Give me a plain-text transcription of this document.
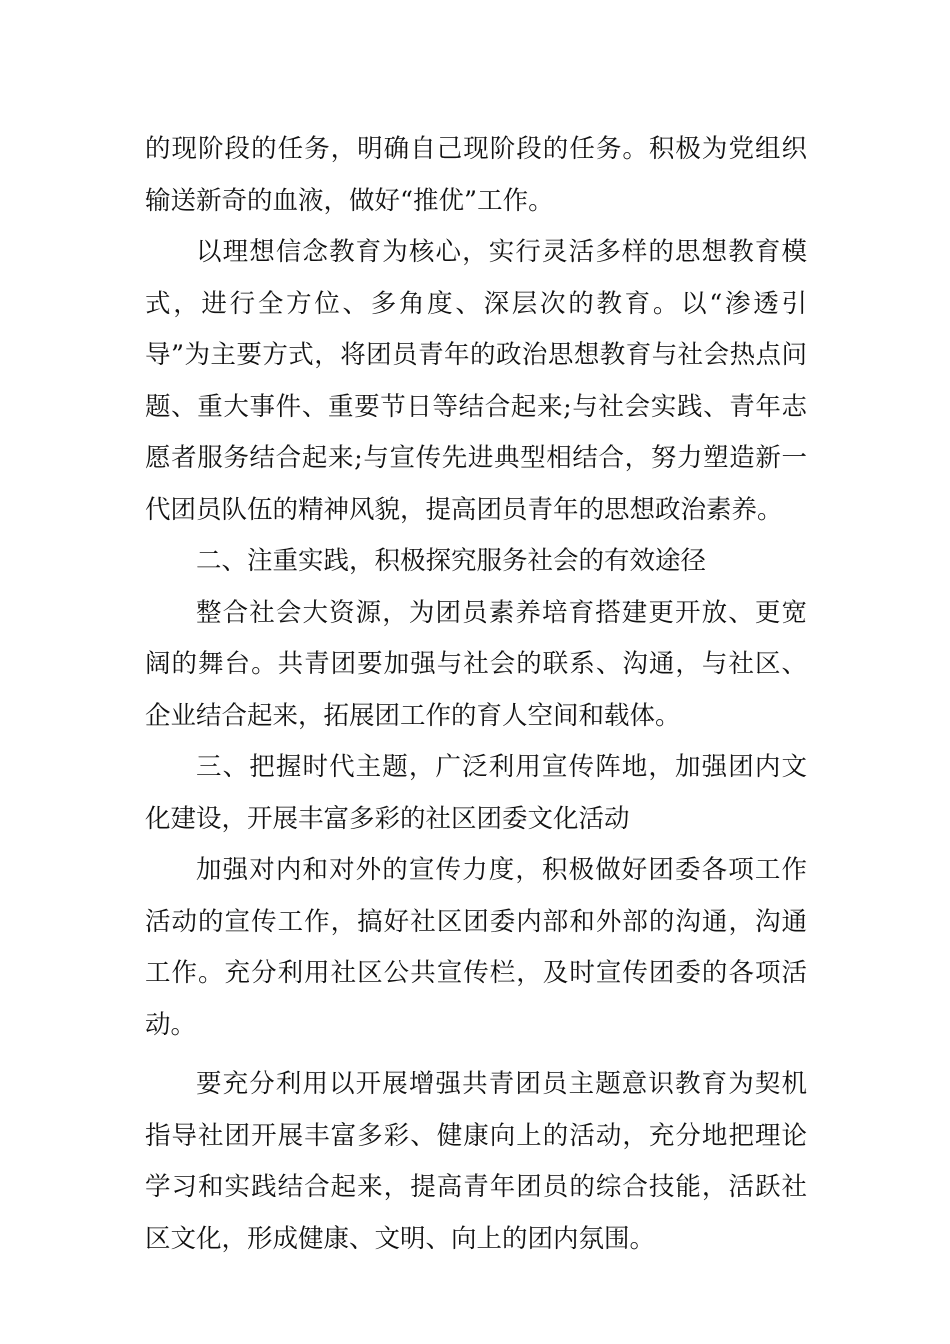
的现阶段的任务，明确自己现阶段的任务。积极为党组织输送新奇的血液，做好“推优”工作。

以理想信念教育为核心，实行灵活多样的思想教育模式，进行全方位、多角度、深层次的教育。以“渗透引导”为主要方式，将团员青年的政治思想教育与社会热点问题、重大事件、重要节日等结合起来;与社会实践、青年志愿者服务结合起来;与宣传先进典型相结合，努力塑造新一代团员队伍的精神风貌，提高团员青年的思想政治素养。

二、注重实践，积极探究服务社会的有效途径

整合社会大资源，为团员素养培育搭建更开放、更宽阔的舞台。共青团要加强与社会的联系、沟通，与社区、企业结合起来，拓展团工作的育人空间和载体。

三、把握时代主题，广泛利用宣传阵地，加强团内文化建设，开展丰富多彩的社区团委文化活动

加强对内和对外的宣传力度，积极做好团委各项工作活动的宣传工作，搞好社区团委内部和外部的沟通，沟通工作。充分利用社区公共宣传栏，及时宣传团委的各项活动。

要充分利用以开展增强共青团员主题意识教育为契机指导社团开展丰富多彩、健康向上的活动，充分地把理论学习和实践结合起来，提高青年团员的综合技能，活跃社区文化，形成健康、文明、向上的团内氛围。
